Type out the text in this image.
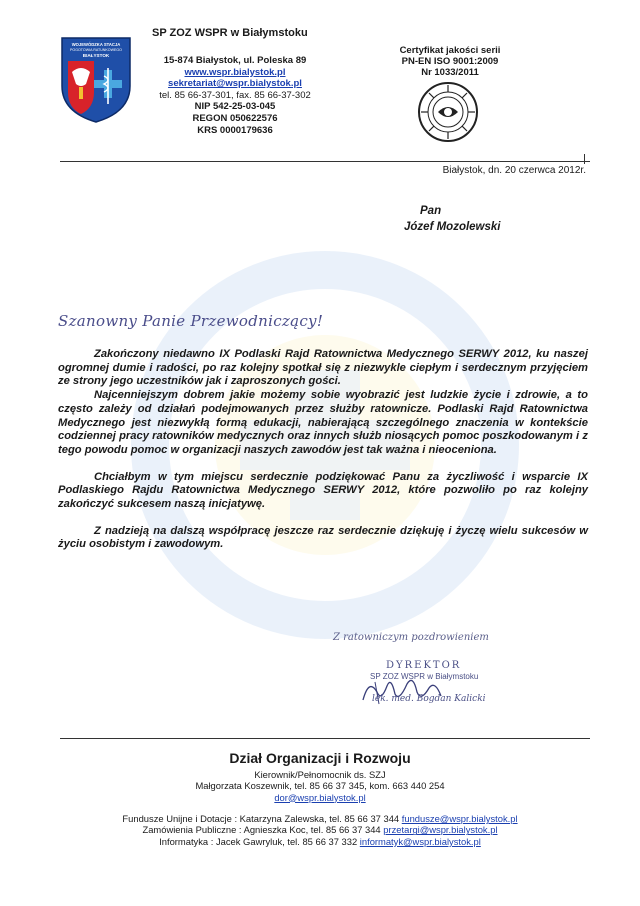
WOJEWÓDZKA STACJA
POGOTOWIA RATUNKOWEGO
BIAŁYSTOK
SP ZOZ WSPR w Białymstoku
15-874 Białystok, ul. Poleska 89
www.wspr.bialystok.pl
sekretariat@wspr.bialystok.pl
tel. 85 66-37-301, fax. 85 66-37-302
NIP 542-25-03-045
REGON 050622576
KRS 0000179636
Certyfikat jakości serii
PN-EN ISO 9001:2009
Nr 1033/2011
Białystok, dn. 20 czerwca 2012r.
Pan
Józef Mozolewski
Szanowny Panie Przewodniczący!

Zakończony niedawno IX Podlaski Rajd Ratownictwa Medycznego SERWY 2012, ku naszej ogromnej dumie i radości, po raz kolejny spotkał się z niezwykle ciepłym i serdecznym przyjęciem ze strony jego uczestników jak i zaproszonych gości.

Najcenniejszym dobrem jakie możemy sobie wyobrazić jest ludzkie życie i zdrowie, a to często zależy od działań podejmowanych przez służby ratownicze. Podlaski Rajd Ratownictwa Medycznego jest niezwykłą formą edukacji, nabierającą szczególnego znaczenia w kontekście codziennej pracy ratowników medycznych oraz innych służb niosących pomoc poszkodowanym i z tego powodu pomoc w organizacji naszych zawodów jest tak ważna i nieoceniona.

Chciałbym w tym miejscu serdecznie podziękować Panu za życzliwość i wsparcie IX Podlaskiego Rajdu Ratownictwa Medycznego SERWY 2012, które pozwoliło po raz kolejny zakończyć sukcesem naszą inicjatywę.

Z nadzieją na dalszą współpracę jeszcze raz serdecznie dziękuję i życzę wielu sukcesów w życiu osobistym i zawodowym.

Z ratowniczym pozdrowieniem
DYREKTOR
SP ZOZ WSPR w Białymstoku
lek. med. Bogdan Kalicki
Dział Organizacji i Rozwoju
Kierownik/Pełnomocnik ds. SZJ
Małgorzata Koszewnik, tel. 85 66 37 345, kom. 663 440 254
dor@wspr.bialystok.pl
Fundusze Unijne i Dotacje : Katarzyna Zalewska, tel. 85 66 37 344 fundusze@wspr.bialystok.pl
Zamówienia Publiczne : Agnieszka Koc, tel. 85 66 37 344 przetargi@wspr.bialystok.pl
Informatyka : Jacek Gawryluk, tel. 85 66 37 332 informatyk@wspr.bialystok.pl
